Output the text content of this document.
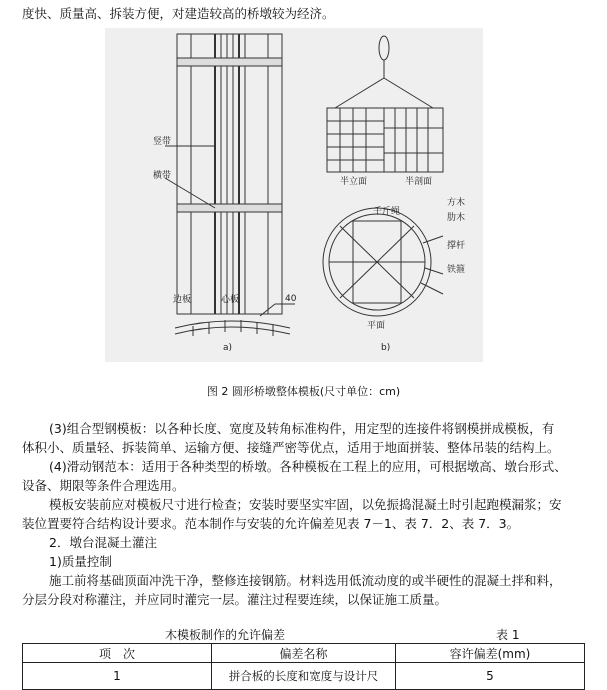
度快、质量高、拆装方便，对建造较高的桥墩较为经济。
竖带
横带
边板	心板	40
a)
半立面	半剖面
千斤绳
方木
肋木
撑杆
铁箍
平面
b)
图 2 圆形桥墩整体模板(尺寸单位：cm)
(3)组合型钢模板：以各种长度、宽度及转角标准构件，用定型的连接件将钢模拼成模板，有
体积小、质量轻、拆装简单、运输方便、接缝严密等优点，适用于地面拼装、整体吊装的结构上。
(4)滑动钢范本：适用于各种类型的桥墩。各种模板在工程上的应用，可根据墩高、墩台形式、
设备、期限等条件合理选用。
模板安装前应对模板尺寸进行检查；安装时要坚实牢固，以免振捣混凝土时引起跑模漏浆；安
装位置要符合结构设计要求。范本制作与安装的允许偏差见表 7－1、表 7．2、表 7．3。
2．墩台混凝土灌注
1)质量控制
施工前将基础顶面冲洗干净，整修连接钢筋。材料选用低流动度的或半硬性的混凝土拌和料，
分层分段对称灌注，并应同时灌完一层。灌注过程要连续，以保证施工质量。
木模板制作的允许偏差	表 1
项　次	偏差名称	容许偏差(mm)
1	拼合板的长度和宽度与设计尺	5
